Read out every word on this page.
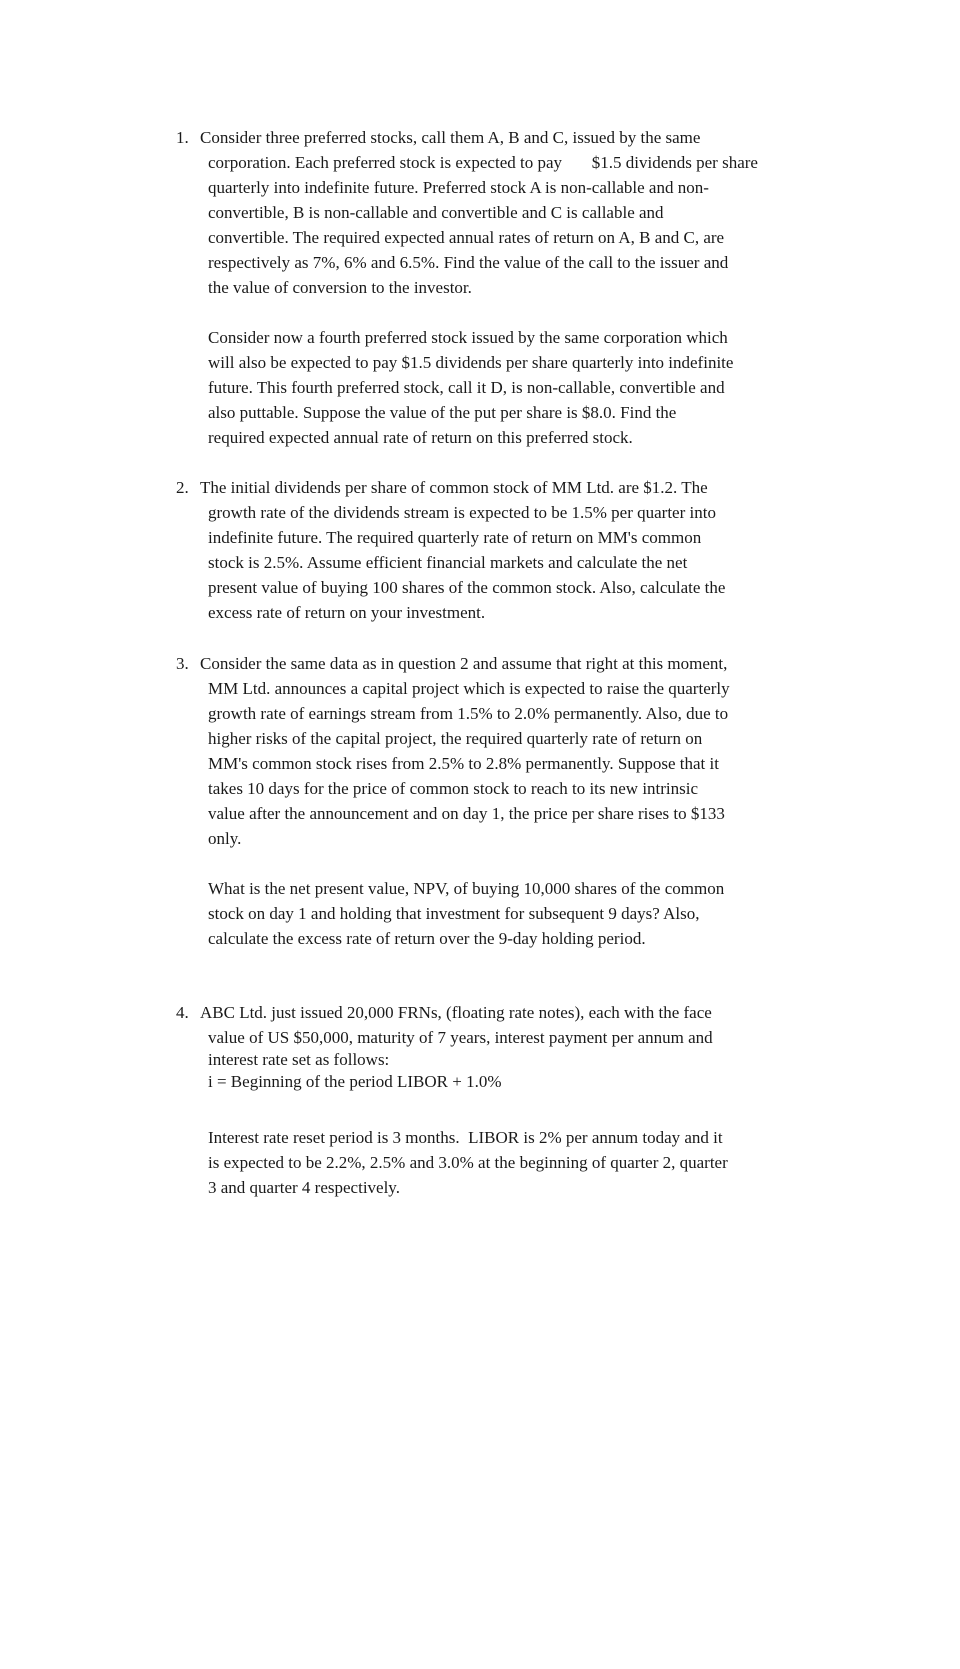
1. Consider three preferred stocks, call them A, B and C, issued by the same
corporation. Each preferred stock is expected to pay       $1.5 dividends per share
quarterly into indefinite future. Preferred stock A is non-callable and non-
convertible, B is non-callable and convertible and C is callable and
convertible. The required expected annual rates of return on A, B and C, are
respectively as 7%, 6% and 6.5%. Find the value of the call to the issuer and
the value of conversion to the investor.
Consider now a fourth preferred stock issued by the same corporation which
will also be expected to pay $1.5 dividends per share quarterly into indefinite
future. This fourth preferred stock, call it D, is non-callable, convertible and
also puttable. Suppose the value of the put per share is $8.0. Find the
required expected annual rate of return on this preferred stock.
2. The initial dividends per share of common stock of MM Ltd. are $1.2. The
growth rate of the dividends stream is expected to be 1.5% per quarter into
indefinite future. The required quarterly rate of return on MM's common
stock is 2.5%. Assume efficient financial markets and calculate the net
present value of buying 100 shares of the common stock. Also, calculate the
excess rate of return on your investment.
3. Consider the same data as in question 2 and assume that right at this moment,
MM Ltd. announces a capital project which is expected to raise the quarterly
growth rate of earnings stream from 1.5% to 2.0% permanently. Also, due to
higher risks of the capital project, the required quarterly rate of return on
MM's common stock rises from 2.5% to 2.8% permanently. Suppose that it
takes 10 days for the price of common stock to reach to its new intrinsic
value after the announcement and on day 1, the price per share rises to $133
only.
What is the net present value, NPV, of buying 10,000 shares of the common
stock on day 1 and holding that investment for subsequent 9 days? Also,
calculate the excess rate of return over the 9-day holding period.
4. ABC Ltd. just issued 20,000 FRNs, (floating rate notes), each with the face
value of US $50,000, maturity of 7 years, interest payment per annum and
interest rate set as follows:
i = Beginning of the period LIBOR + 1.0%
Interest rate reset period is 3 months.  LIBOR is 2% per annum today and it
is expected to be 2.2%, 2.5% and 3.0% at the beginning of quarter 2, quarter
3 and quarter 4 respectively.
